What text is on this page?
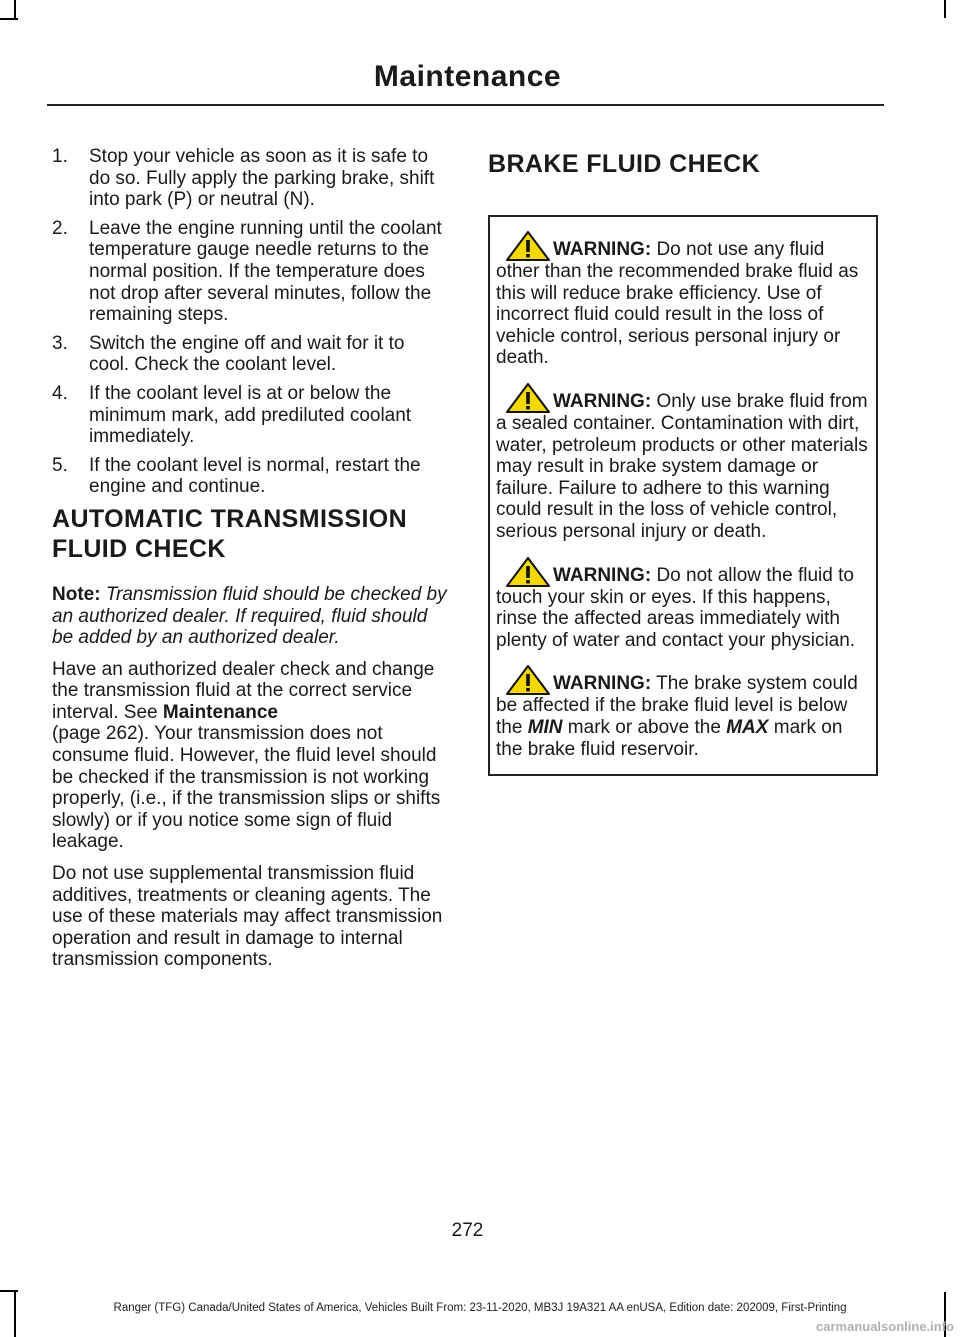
Maintenance
1. Stop your vehicle as soon as it is safe to do so. Fully apply the parking brake, shift into park (P) or neutral (N).
2. Leave the engine running until the coolant temperature gauge needle returns to the normal position. If the temperature does not drop after several minutes, follow the remaining steps.
3. Switch the engine off and wait for it to cool. Check the coolant level.
4. If the coolant level is at or below the minimum mark, add prediluted coolant immediately.
5. If the coolant level is normal, restart the engine and continue.
AUTOMATIC TRANSMISSION
FLUID CHECK

Note: Transmission fluid should be checked by an authorized dealer. If required, fluid should be added by an authorized dealer.

Have an authorized dealer check and change the transmission fluid at the correct service interval. See Maintenance
(page 262). Your transmission does not consume fluid. However, the fluid level should be checked if the transmission is not working properly, (i.e., if the transmission slips or shifts slowly) or if you notice some sign of fluid leakage.

Do not use supplemental transmission fluid additives, treatments or cleaning agents. The use of these materials may affect transmission operation and result in damage to internal transmission components.

BRAKE FLUID CHECK
WARNING: Do not use any fluid other than the recommended brake fluid as this will reduce brake efficiency. Use of incorrect fluid could result in the loss of vehicle control, serious personal injury or death.
WARNING: Only use brake fluid from a sealed container. Contamination with dirt, water, petroleum products or other materials may result in brake system damage or failure. Failure to adhere to this warning could result in the loss of vehicle control, serious personal injury or death.
WARNING: Do not allow the fluid to touch your skin or eyes. If this happens, rinse the affected areas immediately with plenty of water and contact your physician.
WARNING: The brake system could be affected if the brake fluid level is below the MIN mark or above the MAX mark on the brake fluid reservoir.
272
Ranger (TFG) Canada/United States of America, Vehicles Built From: 23-11-2020, MB3J 19A321 AA enUSA, Edition date: 202009, First-Printing
carmanualsonline.info
